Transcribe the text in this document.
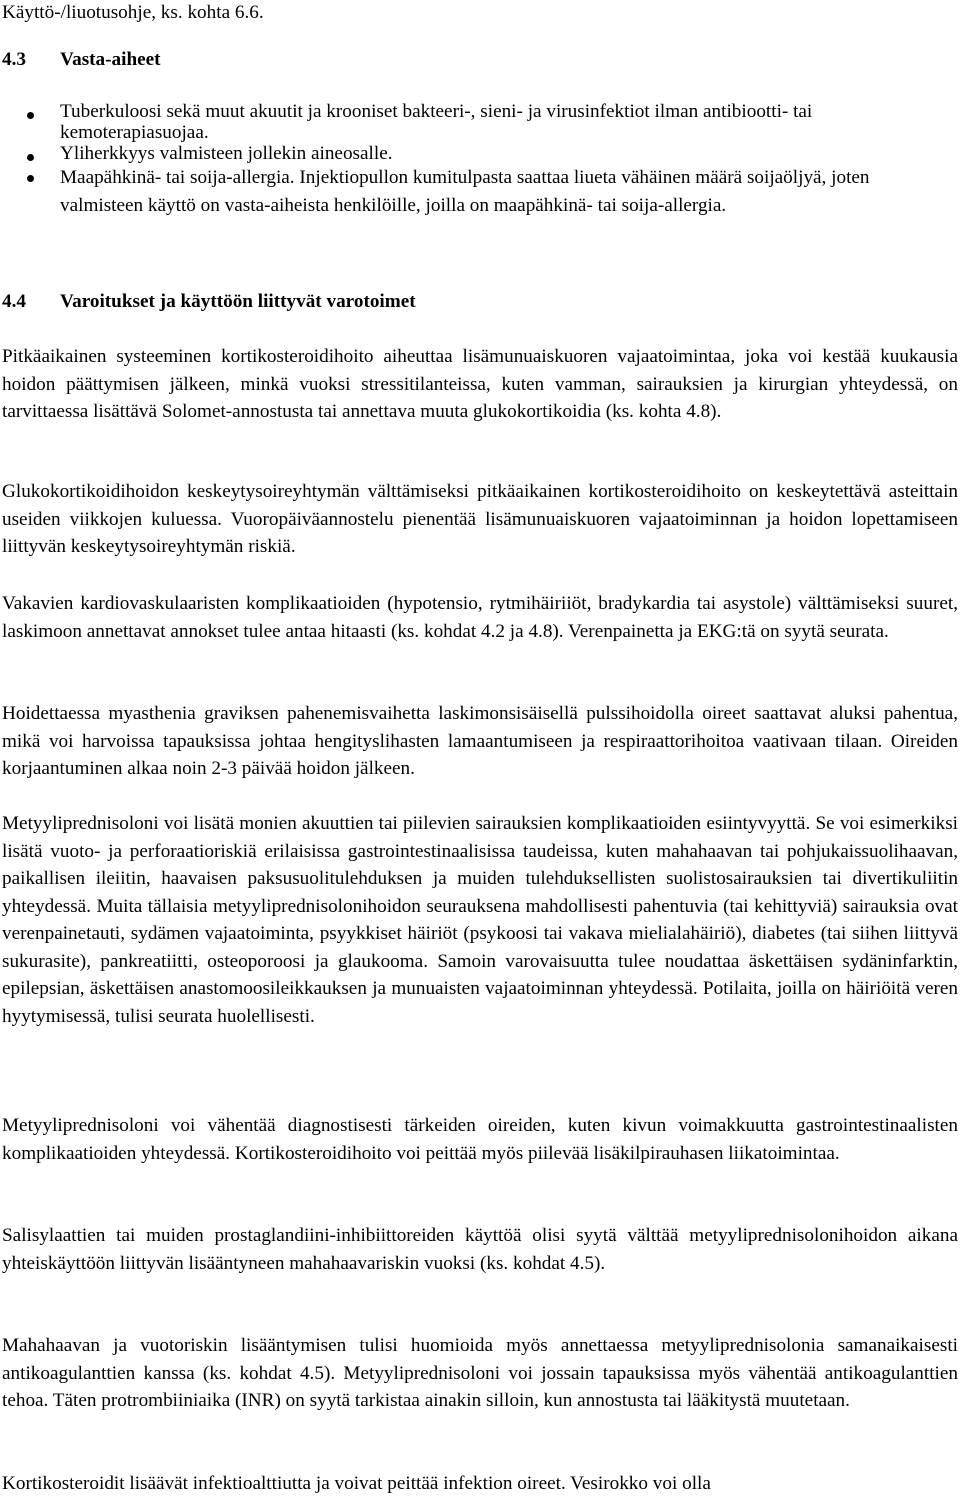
Käyttö-/liuotusohje, ks. kohta 6.6.
4.3 Vasta-aiheet
Tuberkuloosi sekä muut akuutit ja krooniset bakteeri-, sieni- ja virusinfektiot ilman antibiootti- tai kemoterapiasuojaa.
Yliherkkyys valmisteen jollekin aineosalle.
Maapähkinä- tai soija-allergia. Injektiopullon kumitulpasta saattaa liueta vähäinen määrä soijaöljyä, joten valmisteen käyttö on vasta-aiheista henkilöille, joilla on maapähkinä- tai soija-allergia.
4.4 Varoitukset ja käyttöön liittyvät varotoimet

Pitkäaikainen systeeminen kortikosteroidihoito aiheuttaa lisämunuaiskuoren vajaatoimintaa, joka voi kestää kuukausia hoidon päättymisen jälkeen, minkä vuoksi stressitilanteissa, kuten vamman, sairauksien ja kirurgian yhteydessä, on tarvittaessa lisättävä Solomet-annostusta tai annettava muuta glukokortikoidia (ks. kohta 4.8).

Glukokortikoidihoidon keskeytysoireyhtymän välttämiseksi pitkäaikainen kortikosteroidihoito on keskeytettävä asteittain useiden viikkojen kuluessa. Vuoropäiväannostelu pienentää lisämunuaiskuoren vajaatoiminnan ja hoidon lopettamiseen liittyvän keskeytysoireyhtymän riskiä.

Vakavien kardiovaskulaaristen komplikaatioiden (hypotensio, rytmihäiriiöt, bradykardia tai asystole) välttämiseksi suuret, laskimoon annettavat annokset tulee antaa hitaasti (ks. kohdat 4.2 ja 4.8). Verenpainetta ja EKG:tä on syytä seurata.

Hoidettaessa myasthenia graviksen pahenemisvaihetta laskimonsisäisellä pulssihoidolla oireet saattavat aluksi pahentua, mikä voi harvoissa tapauksissa johtaa hengityslihasten lamaantumiseen ja respiraattorihoitoa vaativaan tilaan. Oireiden korjaantuminen alkaa noin 2-3 päivää hoidon jälkeen.

Metyyliprednisoloni voi lisätä monien akuuttien tai piilevien sairauksien komplikaatioiden esiintyvyyttä. Se voi esimerkiksi lisätä vuoto- ja perforaatioriskiä erilaisissa gastrointestinaalisissa taudeissa, kuten mahahaavan tai pohjukaissuolihaavan, paikallisen ileiitin, haavaisen paksusuolitulehduksen ja muiden tulehduksellisten suolistosairauksien tai divertikuliitin yhteydessä. Muita tällaisia metyyliprednisolonihoidon seurauksena mahdollisesti pahentuvia (tai kehittyviä) sairauksia ovat verenpainetauti, sydämen vajaatoiminta, psyykkiset häiriöt (psykoosi tai vakava mielialahäiriö), diabetes (tai siihen liittyvä sukurasite), pankreatiitti, osteoporoosi ja glaukooma. Samoin varovaisuutta tulee noudattaa äskettäisen sydäninfarktin, epilepsian, äskettäisen anastomoosileikkauksen ja munuaisten vajaatoiminnan yhteydessä. Potilaita, joilla on häiriöitä veren hyytymisessä, tulisi seurata huolellisesti.

Metyyliprednisoloni voi vähentää diagnostisesti tärkeiden oireiden, kuten kivun voimakkuutta gastrointestinaalisten komplikaatioiden yhteydessä. Kortikosteroidihoito voi peittää myös piilevää lisäkilpirauhasen liikatoimintaa.

Salisylaattien tai muiden prostaglandiini-inhibiittoreiden käyttöä olisi syytä välttää metyyliprednisolonihoidon aikana yhteiskäyttöön liittyvän lisääntyneen mahahaavariskin vuoksi (ks. kohdat 4.5).

Mahahaavan ja vuotoriskin lisääntymisen tulisi huomioida myös annettaessa metyyliprednisolonia samanaikaisesti antikoagulanttien kanssa (ks. kohdat 4.5). Metyyliprednisoloni voi jossain tapauksissa myös vähentää antikoagulanttien tehoa. Täten protrombiiniaika (INR) on syytä tarkistaa ainakin silloin, kun annostusta tai lääkitystä muutetaan.

Kortikosteroidit lisäävät infektioalttiutta ja voivat peittää infektion oireet. Vesirokko voi olla
